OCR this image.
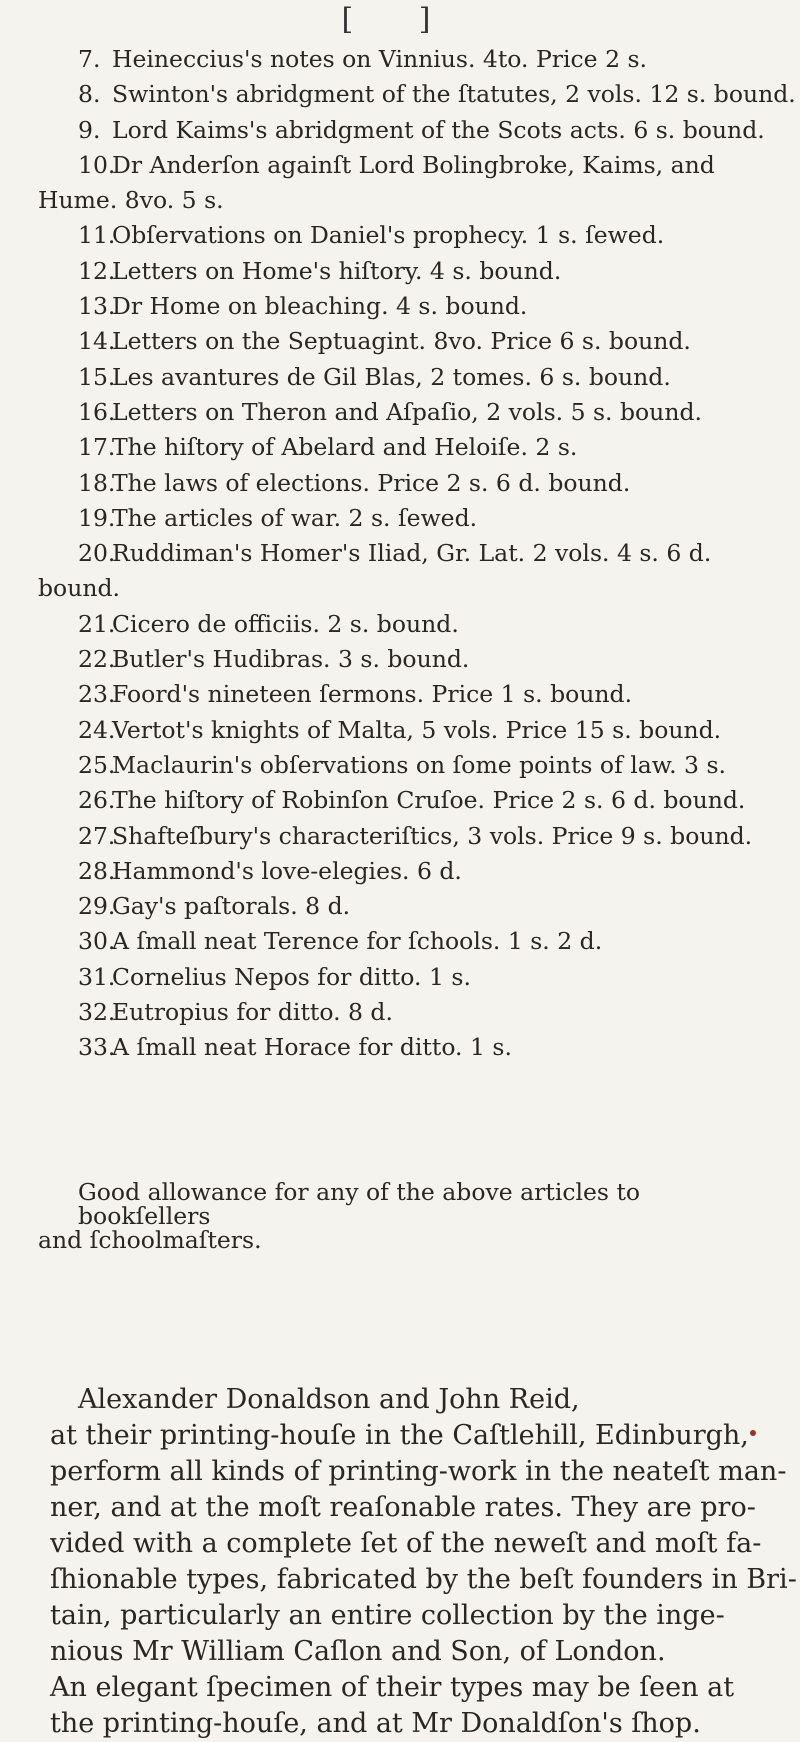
[ ]
7. Heineccius's notes on Vinnius. 4to. Price 2 s.
8. Swinton's abridgment of the ſtatutes, 2 vols. 12 s. bound.
9. Lord Kaims's abridgment of the Scots acts. 6 s. bound.
10.Dr Anderſon againſt Lord Bolingbroke, Kaims, and
Hume. 8vo. 5 s.
11.Obſervations on Daniel's prophecy. 1 s. ſewed.
12.Letters on Home's hiſtory. 4 s. bound.
13.Dr Home on bleaching. 4 s. bound.
14.Letters on the Septuagint. 8vo. Price 6 s. bound.
15.Les avantures de Gil Blas, 2 tomes. 6 s. bound.
16.Letters on Theron and Aſpaſio, 2 vols. 5 s. bound.
17.The hiſtory of Abelard and Heloiſe. 2 s.
18.The laws of elections. Price 2 s. 6 d. bound.
19.The articles of war. 2 s. ſewed.
20.Ruddiman's Homer's Iliad, Gr. Lat. 2 vols. 4 s. 6 d.
bound.
21.Cicero de officiis. 2 s. bound.
22.Butler's Hudibras. 3 s. bound.
23.Foord's nineteen ſermons. Price 1 s. bound.
24.Vertot's knights of Malta, 5 vols. Price 15 s. bound.
25.Maclaurin's obſervations on ſome points of law. 3 s.
26.The hiſtory of Robinſon Cruſoe. Price 2 s. 6 d. bound.
27.Shafteſbury's characteriſtics, 3 vols. Price 9 s. bound.
28.Hammond's love-elegies. 6 d.
29.Gay's paſtorals. 8 d.
30.A ſmall neat Terence for ſchools. 1 s. 2 d.
31.Cornelius Nepos for ditto. 1 s.
32.Eutropius for ditto. 8 d.
33.A ſmall neat Horace for ditto. 1 s.
Good allowance for any of the above articles to bookſellers

and ſchoolmaſters.
Alexander Donaldson and John Reid,
at their printing-houſe in the Caſtlehill, Edinburgh,
perform all kinds of printing-work in the neateſt man-
ner, and at the moſt reaſonable rates. They are pro-
vided with a complete ſet of the neweſt and moſt fa-
ſhionable types, fabricated by the beſt founders in Bri-
tain, particularly an entire collection by the inge-
nious Mr William Caſlon and Son, of London.
An elegant ſpecimen of their types may be ſeen at
the printing-houſe, and at Mr Donaldſon's ſhop.
